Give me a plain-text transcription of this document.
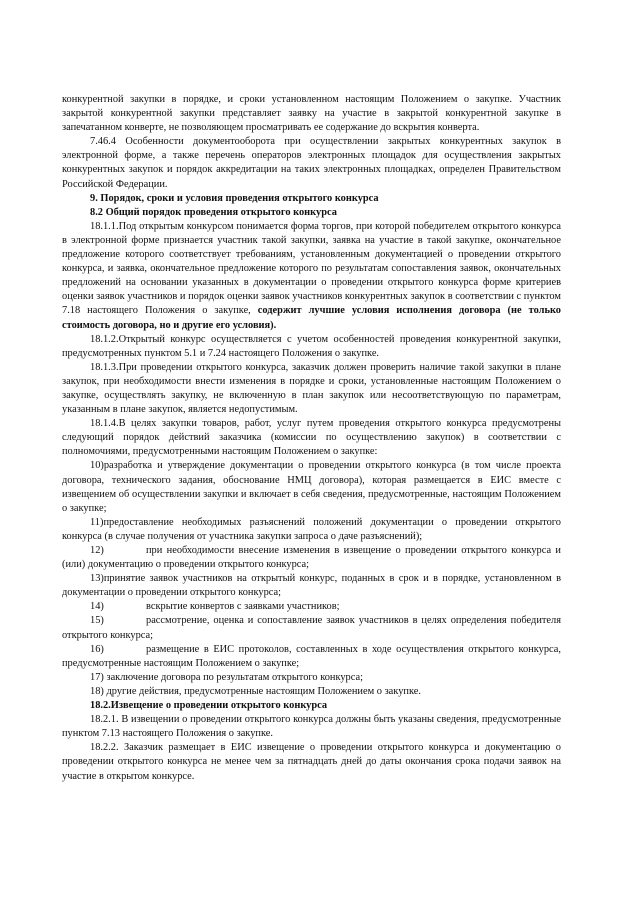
конкурентной закупки в порядке, и сроки установленном настоящим Положением о закупке. Участник закрытой конкурентной закупки представляет заявку на участие в закрытой конкурентной закупке в запечатанном конверте, не позволяющем просматривать ее содержание до вскрытия конверта.

7.46.4 Особенности документооборота при осуществлении закрытых конкурентных закупок в электронной форме, а также перечень операторов электронных площадок для осуществления закрытых конкурентных закупок и порядок аккредитации на таких электронных площадках, определен Правительством Российской Федерации.

9. Порядок, сроки и условия проведения открытого конкурса

8.2 Общий порядок проведения открытого конкурса

18.1.1.Под открытым конкурсом понимается форма торгов, при которой победителем открытого конкурса в электронной форме признается участник такой закупки, заявка на участие в такой закупке, окончательное предложение которого соответствует требованиям, установленным документацией о проведении открытого конкурса, и заявка, окончательное предложение которого по результатам сопоставления заявок, окончательных предложений на основании указанных в документации о проведении открытого конкурса форме критериев оценки заявок участников и порядок оценки заявок участников конкурентных закупок в соответствии с пунктом 7.18 настоящего Положения о закупке, содержит лучшие условия исполнения договора (не только стоимость договора, но и другие его условия).

18.1.2.Открытый конкурс осуществляется с учетом особенностей проведения конкурентной закупки, предусмотренных пунктом 5.1 и 7.24 настоящего Положения о закупке.

18.1.3.При проведении открытого конкурса, заказчик должен проверить наличие такой закупки в плане закупок, при необходимости внести изменения в порядке и сроки, установленные настоящим Положением о закупке, осуществлять закупку, не включенную в план закупок или несоответствующую по параметрам, указанным в плане закупок, является недопустимым.

18.1.4.В целях закупки товаров, работ, услуг путем проведения открытого конкурса предусмотрены следующий порядок действий заказчика (комиссии по осуществлению закупок) в соответствии с полномочиями, предусмотренными настоящим Положением о закупке:

10)разработка и утверждение документации о проведении открытого конкурса (в том числе проекта договора, технического задания, обоснование НМЦ договора), которая размещается в ЕИС вместе с извещением об осуществлении закупки и включает в себя сведения, предусмотренные, настоящим Положением о закупке;

11)предоставление необходимых разъяснений положений документации о проведении открытого конкурса (в случае получения от участника закупки запроса о даче разъяснений);

12)	при необходимости внесение изменения в извещение о проведении открытого конкурса и (или) документацию о проведении открытого конкурса;

13)принятие заявок участников на открытый конкурс, поданных в срок и в порядке, установленном в документации о проведении открытого конкурса;

14)	вскрытие конвертов с заявками участников;

15)	рассмотрение, оценка и сопоставление заявок участников в целях определения победителя открытого конкурса;

16)	размещение в ЕИС протоколов, составленных в ходе осуществления открытого конкурса, предусмотренные настоящим Положением о закупке;

17) заключение договора по результатам открытого конкурса;

18) другие действия, предусмотренные настоящим Положением о закупке.

18.2.Извещение о проведении открытого конкурса

18.2.1. В извещении о проведении открытого конкурса должны быть указаны сведения, предусмотренные пунктом 7.13 настоящего Положения о закупке.

18.2.2. Заказчик размещает в ЕИС извещение о проведении открытого конкурса и документацию о проведении открытого конкурса не менее чем за пятнадцать дней до даты окончания срока подачи заявок на участие в открытом конкурсе.
